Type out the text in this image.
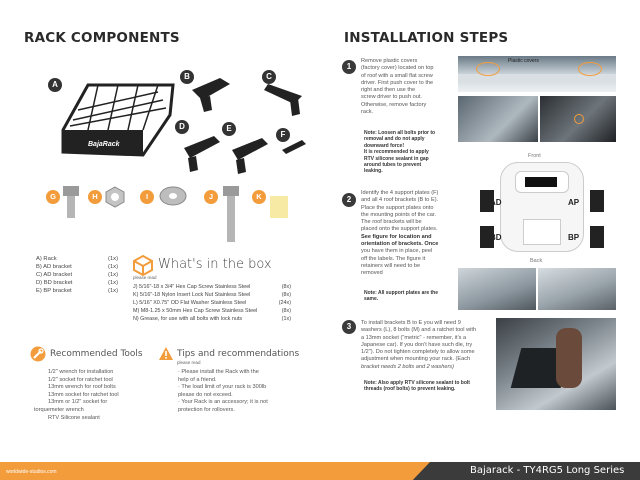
RACK COMPONENTS
A
BajaRack
B	C
D	E
F
G	H	I	J	K
A) Rack	(1x)
B) AD bracket	(1x)
C) AD bracket	(1x)
D) BD bracket	(1x)
E) BP bracket	(1x)
What's in the box
please read
J) 5/16"-18 x 3/4" Hex Cap Screw Stainless Steel	(8x)
K) 5/16"-18 Nylon Insert Lock Nut Stainless Steel	(8x)
L) 5/16" X0.75" OD Flat Washer Stainless Steel	(24x)
M) M8-1.25 x 50mm Hex Cap Screw Stainless Steel	(8x)
N) Grease, for use with all bolts with lock nuts	(1x)
Recommended Tools
1/2" wrench for installation
1/2" socket for ratchet tool
13mm wrench for roof bolts
13mm socket for ratchet tool
13mm or 1/2" socket for
torquemeter wrench
RTV Silicone sealant
Tips and recommendations
please read
· Please install the Rack with the
help of a friend.
· The load limit of your rack is 300lb
please do not exceed.
· Your Rack is an accessory; it is not
protection for rollovers.
INSTALLATION STEPS
1
Remove plastic covers
(factory cover) located on top
of roof with a small flat screw
driver. First push cover to the
right and then use the
screw driver to push out.
Otherwise, remove factory
rack.
Note: Loosen all bolts prior to
removal and do not apply
downward force!
It is recommended to apply
RTV silicone sealant in gap
around tubes to prevent
leaking.
Plastic covers
2
Identify the 4 support plates (F)
and all 4 roof brackets (B to E).
Place the support plates onto
the mounting points of the car.
The roof brackets will be
placed onto the support plates.
See figure for location and
orientation of brackets. Once
you have them in place, peel
off the labels. The figure it
retainers will need to be
removed
Note: All support plates are the
same.
Front
AD	AP
BD	BP
Back
3	To install brackets B to E you will need 9
washers (L), 8 bolts (M) and a ratchet tool with
a 13mm socket ("metric" - remember, it's a
Japanese car). If you don't have such die, try
1/2"). Do not tighten completely to allow some
adjustment when mounting your rack. (Each
bracket needs 2 bolts and 2 washers)
Note: Also apply RTV silicone sealant to bolt
threads (roof bolts) to prevent leaking.
worldwide-studios.com	Bajarack - TY4RG5 Long Series
